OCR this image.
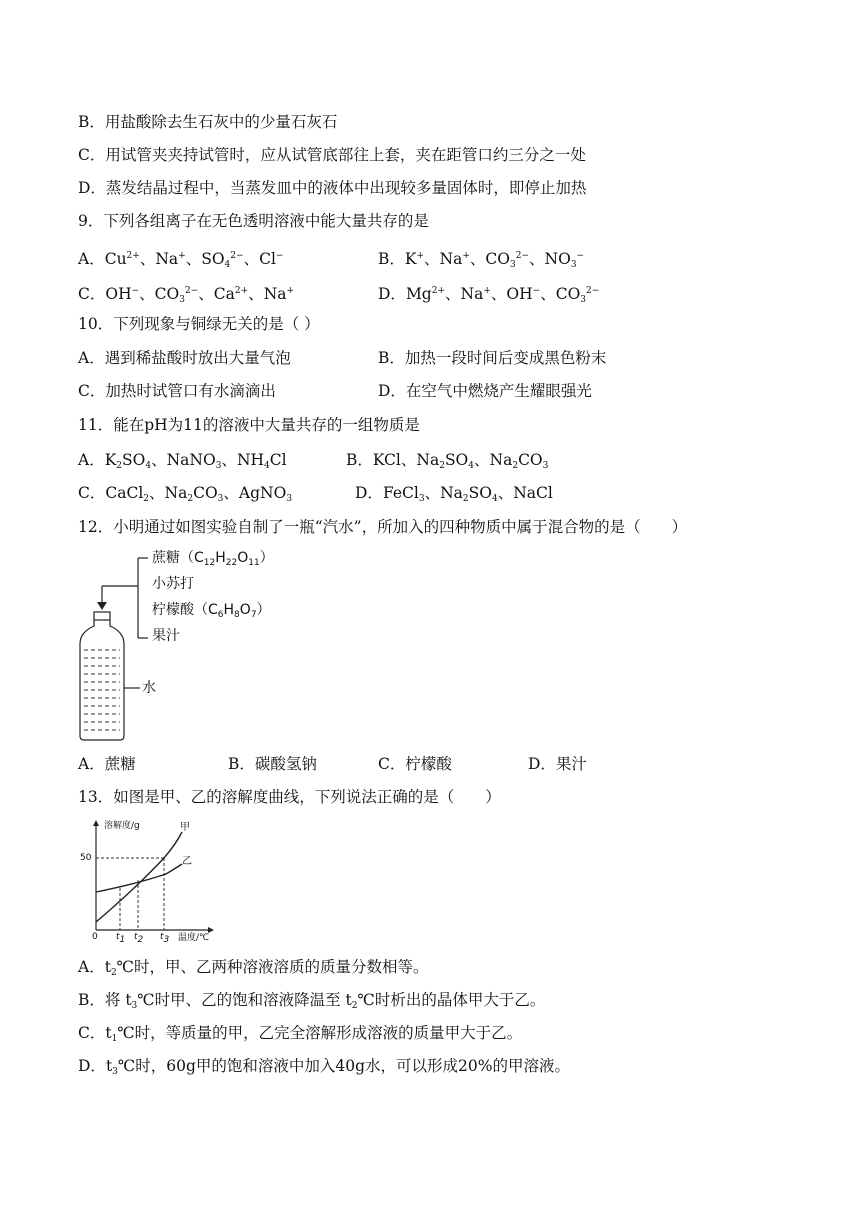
B．用盐酸除去生石灰中的少量石灰石
C．用试管夹夹持试管时，应从试管底部往上套，夹在距管口约三分之一处
D．蒸发结晶过程中，当蒸发皿中的液体中出现较多量固体时，即停止加热
9．下列各组离子在无色透明溶液中能大量共存的是
A．$Cu^{2+}$、Na+、$SO_4^{2-}$、Cl−	B．K+、Na+、$CO_3^{2-}$、$NO_3^-$
C．OH−、$CO_3^{2-}$、$Ca^{2+}$、Na+	D．$Mg^{2+}$、Na+、OH−、$CO_3^{2-}$
10．下列现象与铜绿无关的是（ ）
A．遇到稀盐酸时放出大量气泡	B．加热一段时间后变成黑色粉末
C．加热时试管口有水滴滴出	D．在空气中燃烧产生耀眼强光
11．能在pH为11的溶液中大量共存的一组物质是
A．$K_2SO_4$、NaNO$_3$、$NH_4Cl$	B．KCl、$Na_2SO_4$、$Na_2CO_3$
C．CaCl$_2$、$Na_2CO_3$、AgNO$_3$	D．FeCl$_3$、$Na_2SO_4$、NaCl
12．小明通过如图实验自制了一瓶“汽水”，所加入的四种物质中属于混合物的是（　　）
蔗糖$(C_{12}H_{22}O_{11})$
小苏打
柠檬酸$(C_6H_8O_7)$
果汁
水
A．蔗糖	B．碳酸氢钠	C．柠檬酸	D．果汁
13．如图是甲、乙的溶解度曲线，下列说法正确的是（　　）
溶解度/g
50
甲
乙
0 $t_1$ $t_2$ $t_3$ 温度/℃
A．$t_2℃$时，甲、乙两种溶液溶质的质量分数相等。
B．将 $t_3℃$时甲、乙的饱和溶液降温至 $t_2℃$时析出的晶体甲大于乙。
C．$t_1℃$时，等质量的甲，乙完全溶解形成溶液的质量甲大于乙。
D．$t_3℃$时，60g甲的饱和溶液中加入40g水，可以形成20%的甲溶液。
